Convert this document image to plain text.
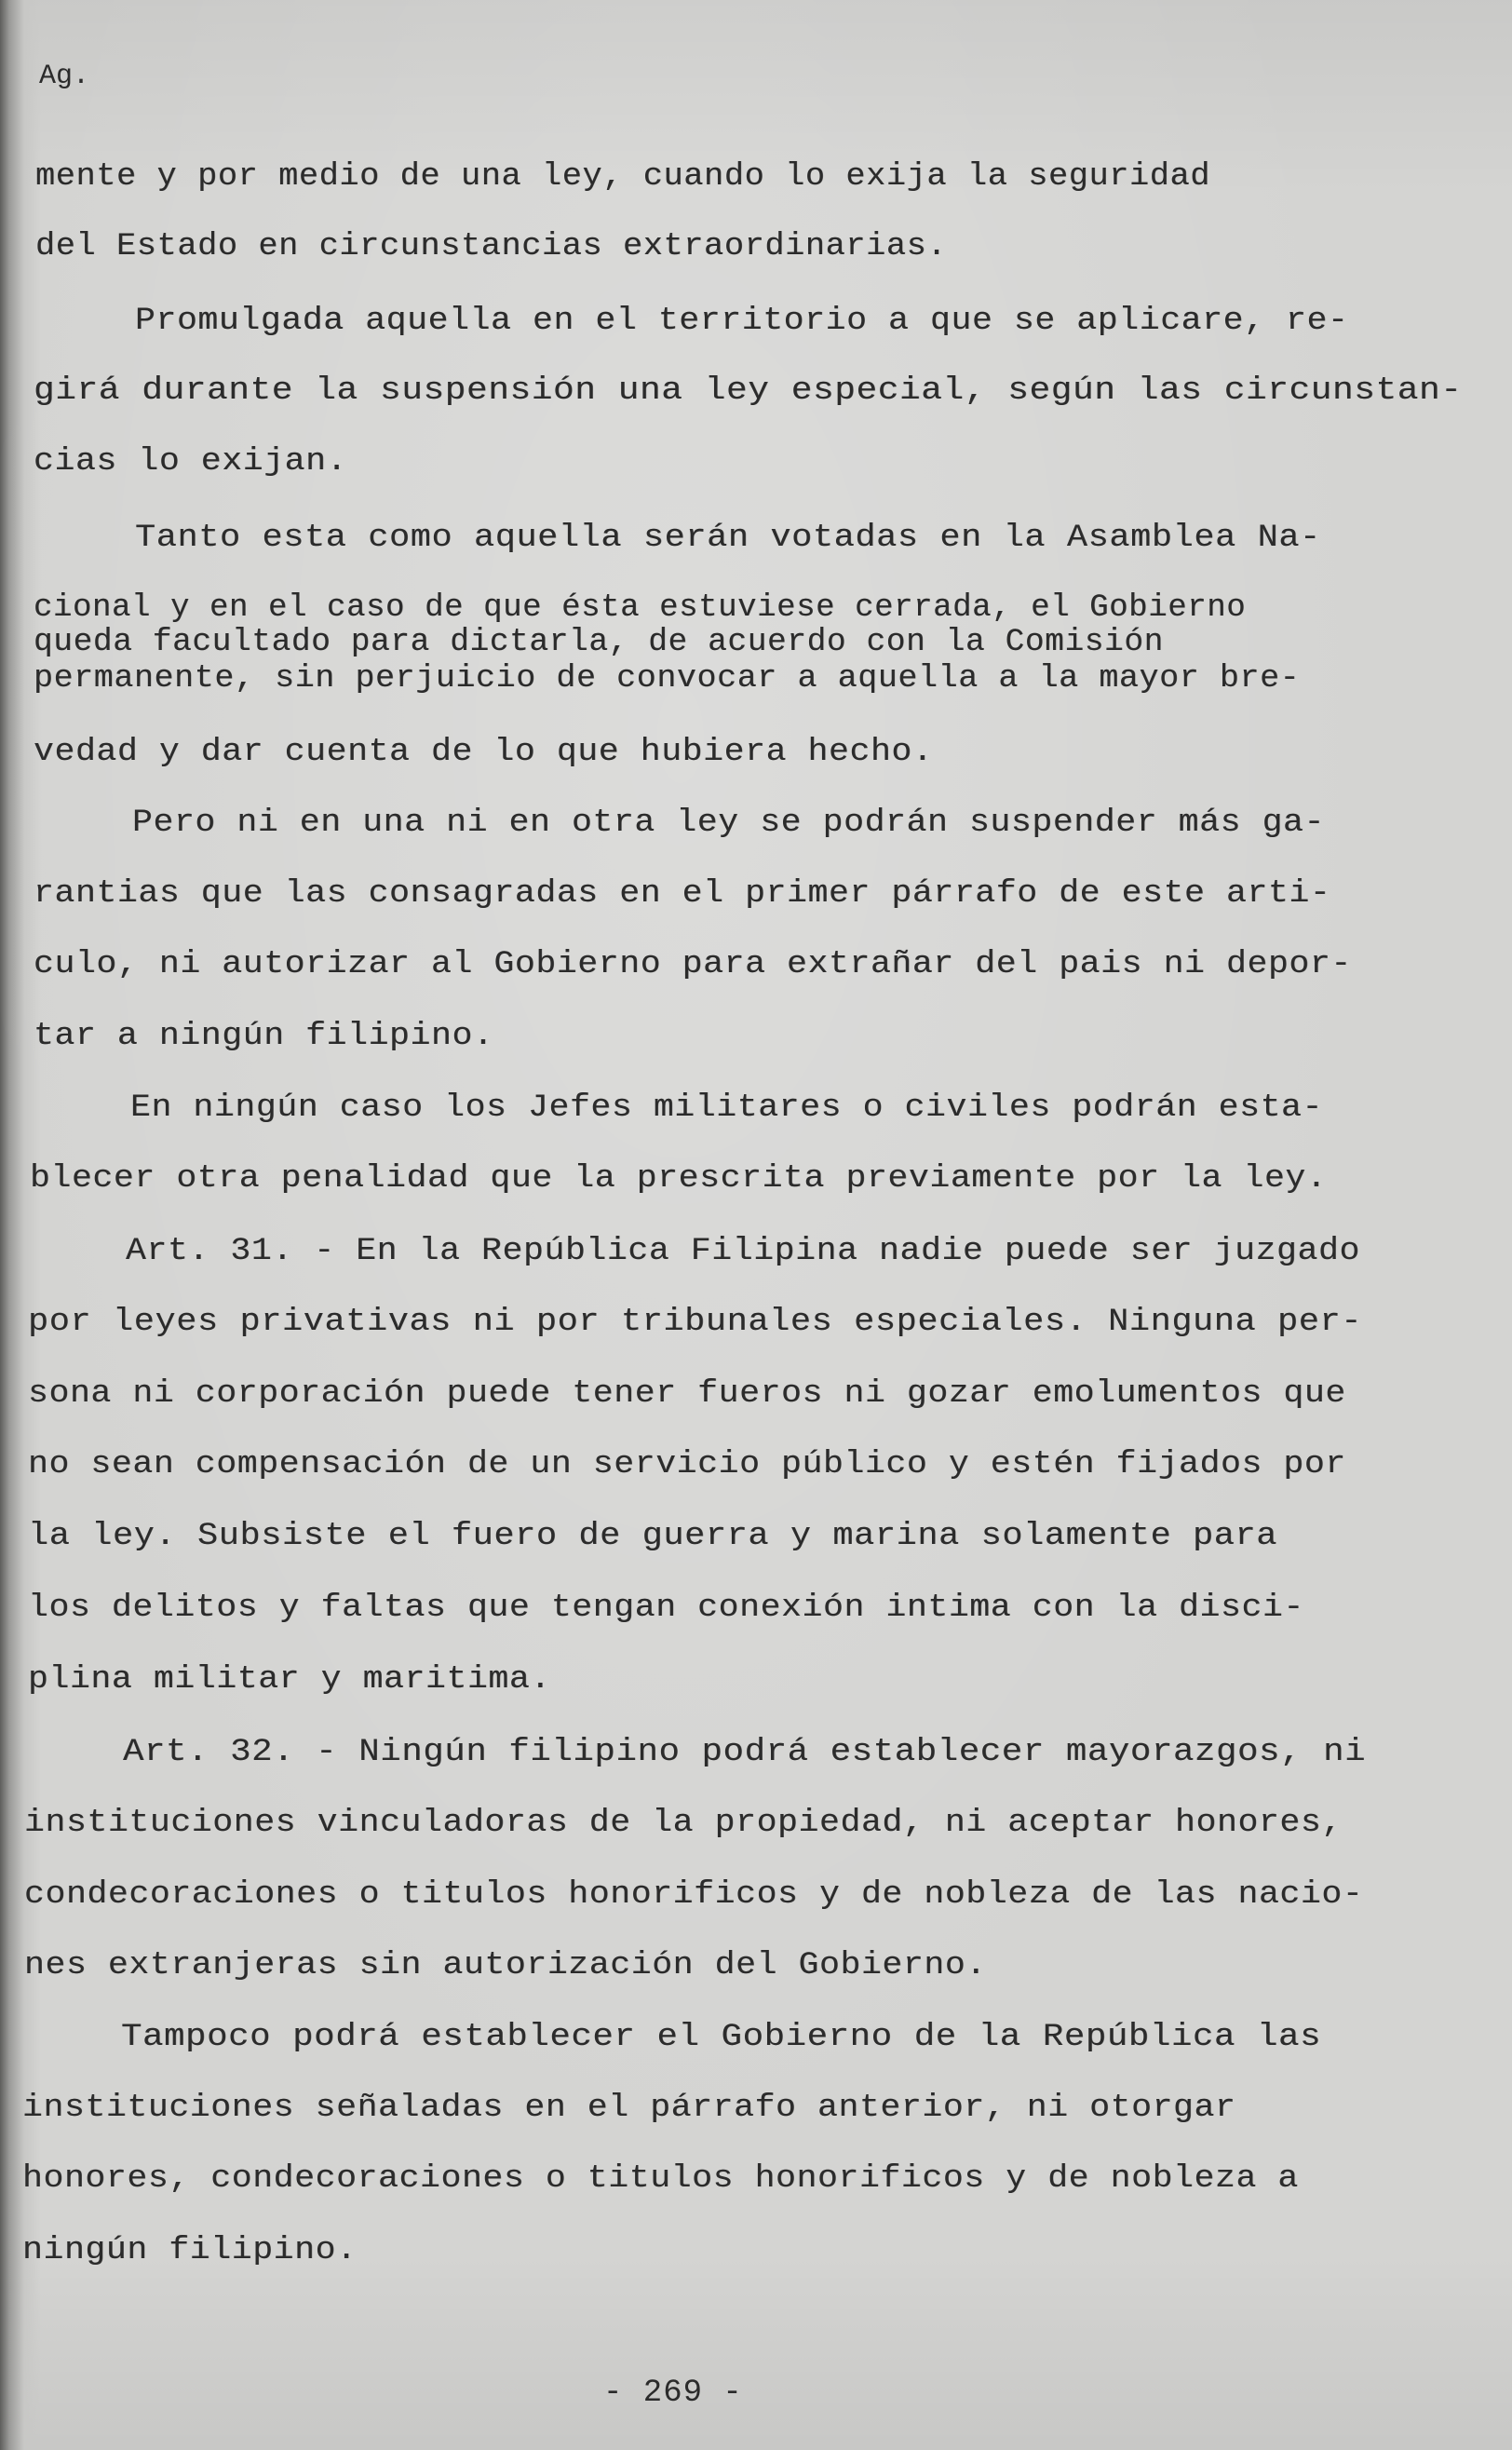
Ag.
mente y por medio de una ley, cuando lo exija la seguridad
del Estado en circunstancias extraordinarias.
Promulgada aquella en el territorio a que se aplicare, re-
girá durante la suspensión una ley especial, según las circunstan-
cias lo exijan.
Tanto esta como aquella serán votadas en la Asamblea Na-
cional y en el caso de que ésta estuviese cerrada, el Gobierno
queda facultado para dictarla, de acuerdo con la Comisión
permanente, sin perjuicio de convocar a aquella a la mayor bre-
vedad y dar cuenta de lo que hubiera hecho.
Pero ni en una ni en otra ley se podrán suspender más ga-
rantias que las consagradas en el primer párrafo de este arti-
culo, ni autorizar al Gobierno para extrañar del pais ni depor-
tar a ningún filipino.
En ningún caso los Jefes militares o civiles podrán esta-
blecer otra penalidad que la prescrita previamente por la ley.
Art. 31. - En la República Filipina nadie puede ser juzgado
por leyes privativas ni por tribunales especiales. Ninguna per-
sona ni corporación puede tener fueros ni gozar emolumentos que
no sean compensación de un servicio público y estén fijados por
la ley. Subsiste el fuero de guerra y marina solamente para
los delitos y faltas que tengan conexión intima con la disci-
plina militar y maritima.
Art. 32. - Ningún filipino podrá establecer mayorazgos, ni
instituciones vinculadoras de la propiedad, ni aceptar honores,
condecoraciones o titulos honorificos y de nobleza de las nacio-
nes extranjeras sin autorización del Gobierno.
Tampoco podrá establecer el Gobierno de la República las
instituciones señaladas en el párrafo anterior, ni otorgar
honores, condecoraciones o titulos honorificos y de nobleza a
ningún filipino.
- 269 -
